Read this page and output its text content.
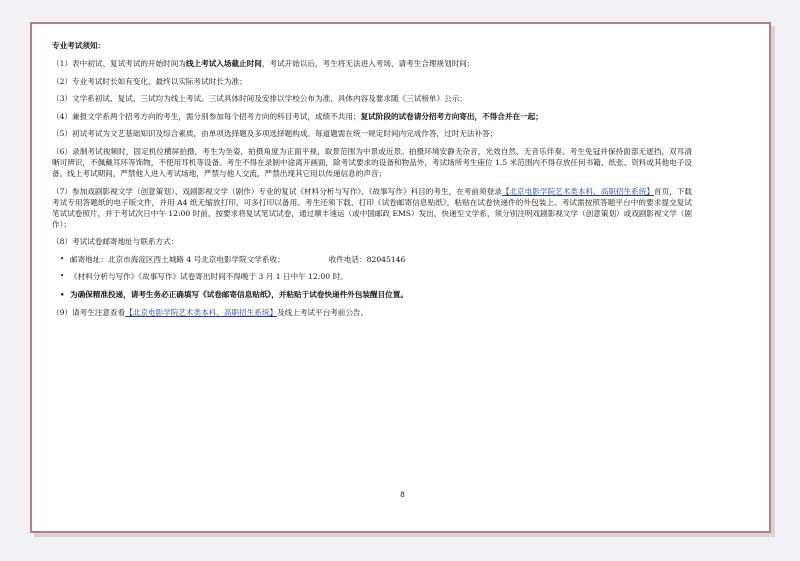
8
专业考试须知：
（1）表中初试、复试考试的开始时间为线上考试入场截止时间，考试开始以后，考生将无法进入考场，请考生合理规划时间；
（2）专业考试时长如有变化，最终以实际考试时长为准；
（3）文学系初试、复试、三试均为线上考试。三试具体时间及安排以学校公布为准，具体内容及要求随《三试榜单》公示；
（4）兼报文学系两个招考方向的考生，需分别参加每个招考方向的科目考试，成绩不共用；复试阶段的试卷请分招考方向寄出，不得合并在一起；
（5）初试考试为文艺基础知识及综合素质，由单项选择题及多项选择题构成。每道题需在统一规定时间内完成作答，过时无法补答；
（6）录制考试视频时，固定机位横屏拍摄，考生为坐姿，拍摄角度为正面平视，取景范围为中景或近景。拍摄环境安静无杂音，光效自然、无音乐伴奏。考生免冠并保持面部无遮挡，双耳清晰可辨识，不佩戴耳环等饰物，不使用耳机等设备。考生不得在录制中途离开画面，除考试要求的设备和物品外，考试场所考生座位 1.5 米范围内不得存放任何书籍、纸张、资料或其他电子设备。线上考试期间，严禁他人进入考试场地，严禁与他人交流，严禁出现其它用以传递信息的声音；
（7）参加戏剧影视文学（创意策划）、戏剧影视文学（剧作）专业的复试《材料分析与写作》、《故事写作》科目的考生，在考前须登录【北京电影学院艺术类本科、高职招生系统】首页，下载考试专用答题纸的电子版文件，并用 A4 纸无缩放打印，可多打印以备用。考生还须下载、打印《试卷邮寄信息贴纸》，粘贴在试卷快递件的外包装上。考试需按照答题平台中的要求提交复试笔试试卷照片，并于考试次日中午 12:00 时前，按要求将复试笔试试卷，通过顺丰速运（或中国邮政 EMS）发出，快递至文学系，须分别注明戏剧影视文学（创意策划）或戏剧影视文学（剧作）；
（8）考试试卷邮寄地址与联系方式：
• 邮寄地址：北京市海淀区西土城路 4 号北京电影学院文学系收；	收件电话：82045146
• 《材料分析与写作》《故事写作》试卷寄出时间不得晚于 3 月 1 日中午 12:00 时。
• 为确保精准投递，请考生务必正确填写《试卷邮寄信息贴纸》，并粘贴于试卷快递件外包装醒目位置。
（9）请考生注意查看【北京电影学院艺术类本科、高职招生系统】及线上考试平台考前公告。
